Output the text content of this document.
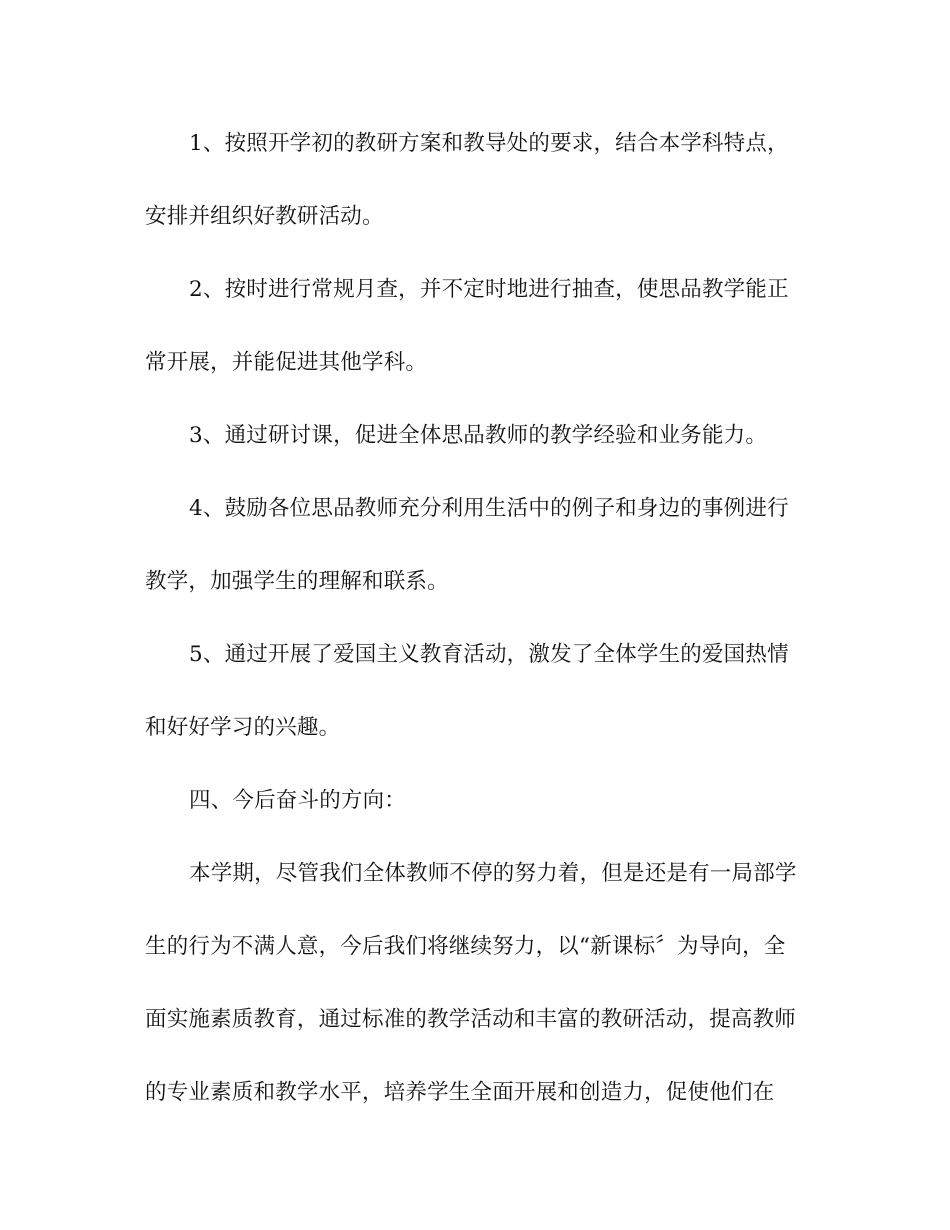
1、按照开学初的教研方案和教导处的要求，结合本学科特点，
安排并组织好教研活动。
2、按时进行常规月查，并不定时地进行抽查，使思品教学能正
常开展，并能促进其他学科。
3、通过研讨课，促进全体思品教师的教学经验和业务能力。
4、鼓励各位思品教师充分利用生活中的例子和身边的事例进行
教学，加强学生的理解和联系。
5、通过开展了爱国主义教育活动，激发了全体学生的爱国热情
和好好学习的兴趣。
四、今后奋斗的方向：
本学期，尽管我们全体教师不停的努力着，但是还是有一局部学
生的行为不满人意，今后我们将继续努力，以“新课标〞为导向，全
面实施素质教育，通过标准的教学活动和丰富的教研活动，提高教师
的专业素质和教学水平，培养学生全面开展和创造力，促使他们在
